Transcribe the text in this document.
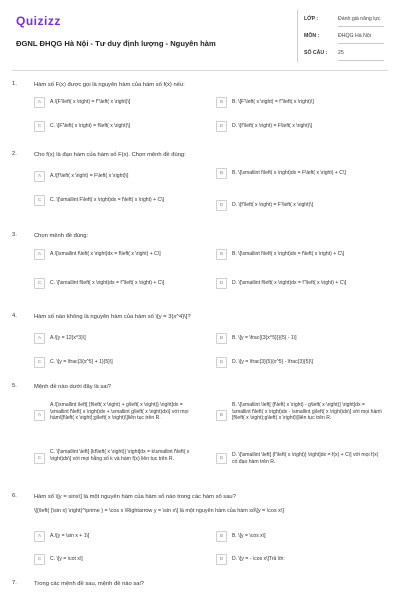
Quizizz
ĐGNL ĐHQG Hà Nội - Tư duy định lượng - Nguyên hàm
LỚP :	Đánh giá năng lực
MÔN :	ĐHQG Hà Nội
SỐ CÂU : 25
1.	Hàm số F(x) được gọi là nguyên hàm của hàm số f(x) nếu:
A	A.\[F'\left( x \right) = f''\left( x \right)\]	B	B. \[F'\left( x \right) = f''\left( x \right)\]
C	C. \[F'\left( x \right) = f\left( x \right)\]	D	D. \[f'\left( x \right) = F\left( x \right)\]
2.	Cho f(x) là đạo hàm của hàm số F(x). Chọn mệnh đề đúng:
A	A.\[f'\left( x \right) = F\left( x \right)\]	B	B. \[\smallint f\left( x \right)dx = F\left( x \right) + C\]
C	C. \[\smallint F\left( x \right)dx = f\left( x \right) + C\]
D	D. \[f'\left( x \right) = F'\left( x \right)\]
3.	Chọn mệnh đề đúng:
A	A.\[\smallint f\left( x \right)dx = f\left( x \right) + C\]	B	B. \[\smallint f\left( x \right)dx = f\left( x \right) + C\]
C	C. \[\smallint f\left( x \right)dx = f''\left( x \right) + C\]	D	D. \[\smallint f\left( x \right)dx = f''\left( x \right) + C\]
4.	Hàm số nào không là nguyên hàm của hàm số \[y = 3{x^4}\]?
A	A.\[y = 12{x^3}\]	B	B. \[y = \frac{{3{x^5}}}{5} - 1\]
C	C. \[y = \frac{3{x^5} + 1}{5}\]	D	D. \[y = \frac{3}{5}{x^5} - \frac{3}{5}\]
5.	Mệnh đề nào dưới đây là sai?
A
A.\[\smallint \left[ {f\left( x \right) + g\left( x \right)} \right]dx = \smallint f\left( x \right)dx + \smallint g\left( x \right)dx\] với mọi hàm\[f\left( x \right);g\left( x \right)\]liên tục trên R.	B
B. \[\smallint \left[ {f\left( x \right) - g\left( x \right)} \right]dx = \smallint f\left( x \right)dx - \smallint g\left( x \right)dx\] với mọi hàm\[f\left( x \right);g\left( x \right)\]liên tục trên R.
C
C. \[\smallint \left[ {kf\left( x \right)} \right]dx = k\smallint f\left( x \right)dx\] với mọi hằng số k và hàm f(x) liên tục trên R.	D
D. \[\smallint \left[ {f'\left( x \right)} \right]dx = f(x) + C\] với mọi f(x) có đạo hàm trên R.
6.	Hàm số \[y = sinx\] là một nguyên hàm của hàm số nào trong các hàm số sau?
\[{\left( {\sin x} \right)^\prime } = \cos x \Rightarrow y = \sin x\] là một nguyên hàm của hàm số\[y = \cos x\]
A	A.\[y = \sin x + 1\]	B	B. \[y = \cos x\]
C	C. \[y = \cot x\]	D	D. \[y = - \cos x\]Trả lời:
7.	Trong các mệnh đề sau, mệnh đề nào sai?
